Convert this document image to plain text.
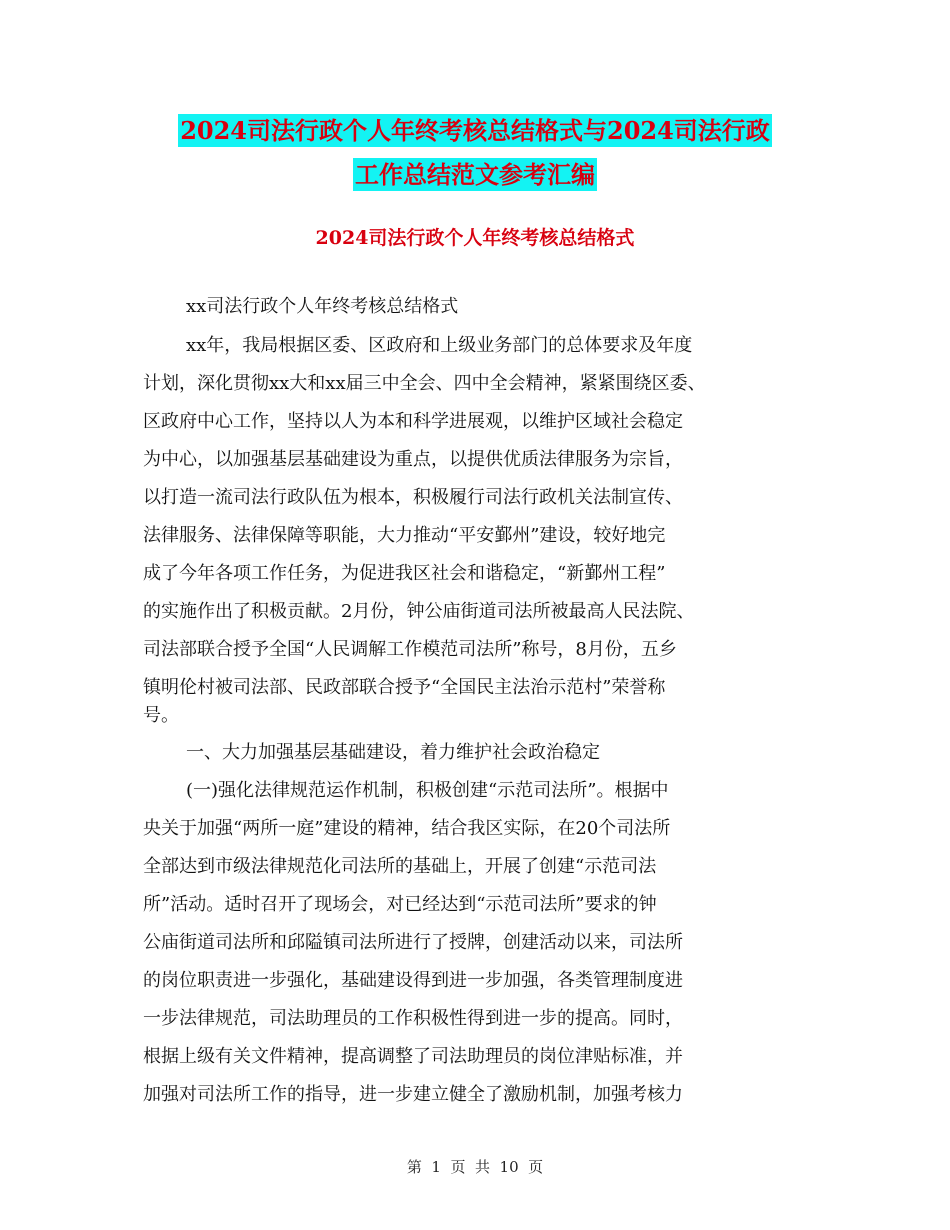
2024司法行政个人年终考核总结格式与2024司法行政
工作总结范文参考汇编
2024司法行政个人年终考核总结格式
xx司法行政个人年终考核总结格式
xx年，我局根据区委、区政府和上级业务部门的总体要求及年度
计划，深化贯彻xx大和xx届三中全会、四中全会精神，紧紧围绕区委、
区政府中心工作，坚持以人为本和科学进展观，以维护区域社会稳定
为中心，以加强基层基础建设为重点，以提供优质法律服务为宗旨，
以打造一流司法行政队伍为根本，积极履行司法行政机关法制宣传、
法律服务、法律保障等职能，大力推动“平安鄞州”建设，较好地完
成了今年各项工作任务，为促进我区社会和谐稳定，“新鄞州工程”
的实施作出了积极贡献。2月份，钟公庙街道司法所被最高人民法院、
司法部联合授予全国“人民调解工作模范司法所”称号，8月份，五乡
镇明伦村被司法部、民政部联合授予“全国民主法治示范村”荣誉称
号。
一、大力加强基层基础建设，着力维护社会政治稳定
(一)强化法律规范运作机制，积极创建“示范司法所”。根据中
央关于加强“两所一庭”建设的精神，结合我区实际，在20个司法所
全部达到市级法律规范化司法所的基础上，开展了创建“示范司法
所”活动。适时召开了现场会，对已经达到“示范司法所”要求的钟
公庙街道司法所和邱隘镇司法所进行了授牌，创建活动以来，司法所
的岗位职责进一步强化，基础建设得到进一步加强，各类管理制度进
一步法律规范，司法助理员的工作积极性得到进一步的提高。同时，
根据上级有关文件精神，提高调整了司法助理员的岗位津贴标准，并
加强对司法所工作的指导，进一步建立健全了激励机制，加强考核力
第  1  页  共  10  页
